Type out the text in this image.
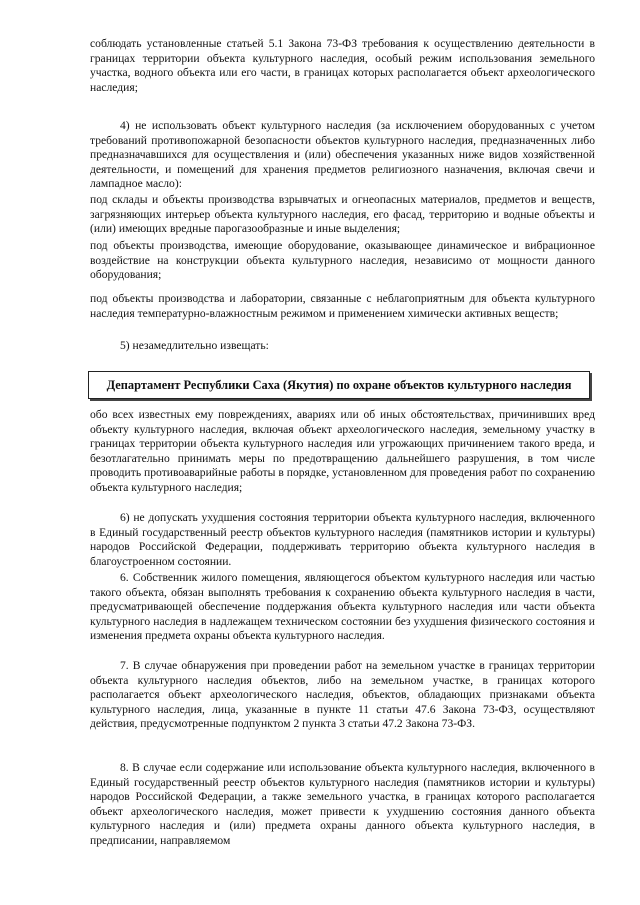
соблюдать установленные статьей 5.1 Закона 73-ФЗ требования к осуществлению деятельности в границах территории объекта культурного наследия, особый режим использования земельного участка, водного объекта или его части, в границах которых располагается объект археологического наследия;

4) не использовать объект культурного наследия (за исключением оборудованных с учетом требований противопожарной безопасности объектов культурного наследия, предназначенных либо предназначавшихся для осуществления и (или) обеспечения указанных ниже видов хозяйственной деятельности, и помещений для хранения предметов религиозного назначения, включая свечи и лампадное масло):

под склады и объекты производства взрывчатых и огнеопасных материалов, предметов и веществ, загрязняющих интерьер объекта культурного наследия, его фасад, территорию и водные объекты и (или) имеющих вредные парогазообразные и иные выделения;

под объекты производства, имеющие оборудование, оказывающее динамическое и вибрационное воздействие на конструкции объекта культурного наследия, независимо от мощности данного оборудования;

под объекты производства и лаборатории, связанные с неблагоприятным для объекта культурного наследия температурно-влажностным режимом и применением химически активных веществ;

5) незамедлительно извещать:

Департамент Республики Саха (Якутия) по охране объектов культурного наследия

обо всех известных ему повреждениях, авариях или об иных обстоятельствах, причинивших вред объекту культурного наследия, включая объект археологического наследия, земельному участку в границах территории объекта культурного наследия или угрожающих причинением такого вреда, и безотлагательно принимать меры по предотвращению дальнейшего разрушения, в том числе проводить противоаварийные работы в порядке, установленном для проведения работ по сохранению объекта культурного наследия;

6) не допускать ухудшения состояния территории объекта культурного наследия, включенного в Единый государственный реестр объектов культурного наследия (памятников истории и культуры) народов Российской Федерации, поддерживать территорию объекта культурного наследия в благоустроенном состоянии.

6. Собственник жилого помещения, являющегося объектом культурного наследия или частью такого объекта, обязан выполнять требования к сохранению объекта культурного наследия в части, предусматривающей обеспечение поддержания объекта культурного наследия или части объекта культурного наследия в надлежащем техническом состоянии без ухудшения физического состояния и изменения предмета охраны объекта культурного наследия.

7. В случае обнаружения при проведении работ на земельном участке в границах территории объекта культурного наследия объектов, либо на земельном участке, в границах которого располагается объект археологического наследия, объектов, обладающих признаками объекта культурного наследия, лица, указанные в пункте 11 статьи 47.6 Закона 73-ФЗ, осуществляют действия, предусмотренные подпунктом 2 пункта 3 статьи 47.2 Закона 73-ФЗ.

8. В случае если содержание или использование объекта культурного наследия, включенного в Единый государственный реестр объектов культурного наследия (памятников истории и культуры) народов Российской Федерации, а также земельного участка, в границах которого располагается объект археологического наследия, может привести к ухудшению состояния данного объекта культурного наследия и (или) предмета охраны данного объекта культурного наследия, в предписании, направляемом
